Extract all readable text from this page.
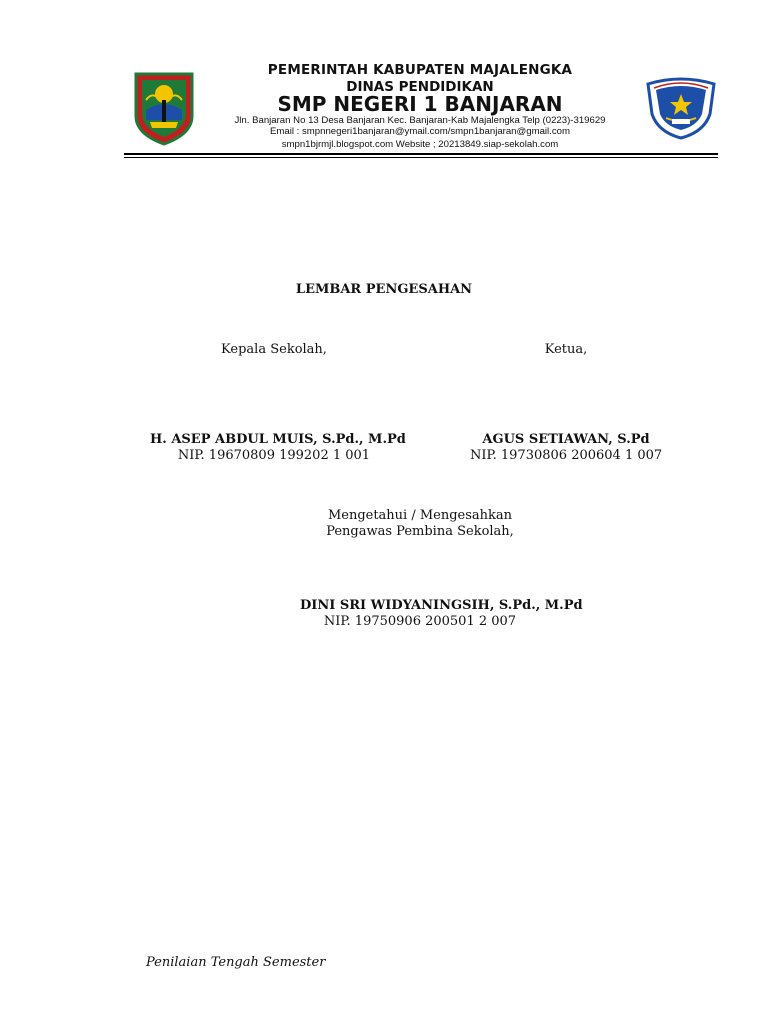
PEMERINTAH KABUPATEN MAJALENGKA
DINAS PENDIDIKAN
SMP NEGERI 1 BANJARAN
Jln. Banjaran No 13 Desa Banjaran Kec. Banjaran-Kab Majalengka Telp (0223)-319629
Email : smpnnegeri1banjaran@ymail.com/smpn1banjaran@gmail.com
smpn1bjrmjl.blogspot.com Website ; 20213849.siap-sekolah.com
LEMBAR PENGESAHAN
Kepala Sekolah,	Ketua,
H. ASEP ABDUL MUIS, S.Pd., M.Pd
NIP. 19670809 199202 1 001
AGUS SETIAWAN, S.Pd
NIP. 19730806 200604 1 007
Mengetahui / Mengesahkan
Pengawas Pembina Sekolah,
DINI SRI WIDYANINGSIH, S.Pd., M.Pd
NIP. 19750906 200501 2 007
Penilaian Tengah Semester
